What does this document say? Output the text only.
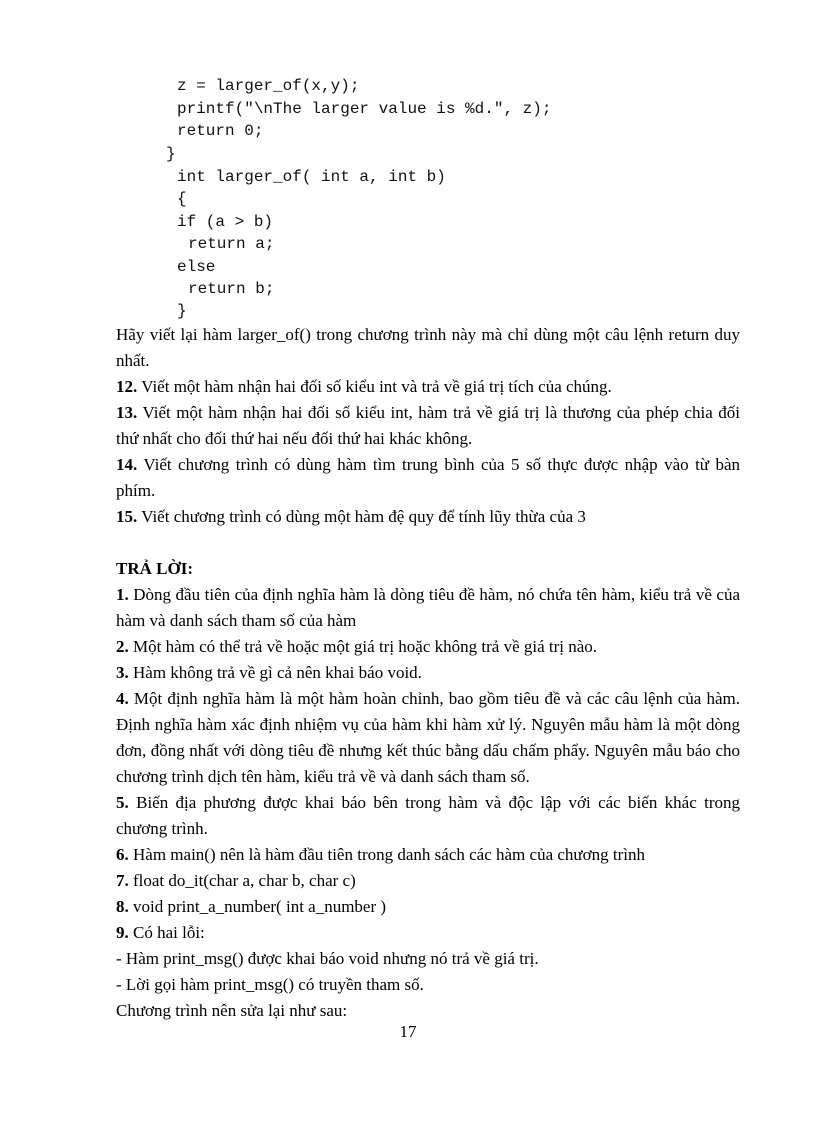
z = larger_of(x,y);

printf("\nThe larger value is %d.", z);

return 0;

}

int larger_of( int a, int b)

{

if (a > b)

return a;

else

return b;

}

Hãy viết lại hàm larger_of() trong chương trình này mà chỉ dùng một câu lệnh return duy nhất.

12. Viết một hàm nhận hai đối số kiểu int và trả về giá trị tích của chúng.

13. Viết một hàm nhận hai đối số kiểu int, hàm trả về giá trị là thương của phép chia đối thứ nhất cho đối thứ hai nếu đối thứ hai khác không.

14. Viết chương trình có dùng hàm tìm trung bình của 5 số thực được nhập vào từ bàn phím.

15. Viết chương trình có dùng một hàm đệ quy để tính lũy thừa của 3

TRẢ LỜI:

1. Dòng đầu tiên của định nghĩa hàm là dòng tiêu đề hàm, nó chứa tên hàm, kiểu trả về của hàm và danh sách tham số của hàm

2. Một hàm có thể trả về hoặc một giá trị hoặc không trả về giá trị nào.

3. Hàm không trả về gì cả nên khai báo void.

4. Một định nghĩa hàm là một hàm hoàn chỉnh, bao gồm tiêu đề và các câu lệnh của hàm. Định nghĩa hàm xác định nhiệm vụ của hàm khi hàm xử lý. Nguyên mẫu hàm là một dòng đơn, đồng nhất với dòng tiêu đề nhưng kết thúc bằng dấu chấm phẩy. Nguyên mẫu báo cho chương trình dịch tên hàm, kiểu trả về và danh sách tham số.

5. Biến địa phương được khai báo bên trong hàm và độc lập với các biến khác trong chương trình.

6. Hàm main() nên là hàm đầu tiên trong danh sách các hàm của chương trình

7. float do_it(char a, char b, char c)

8. void print_a_number( int a_number )

9. Có hai lỗi:

- Hàm print_msg() được khai báo void nhưng nó trả về giá trị.

- Lời gọi hàm print_msg() có truyền tham số.

Chương trình nên sửa lại như sau:

17
